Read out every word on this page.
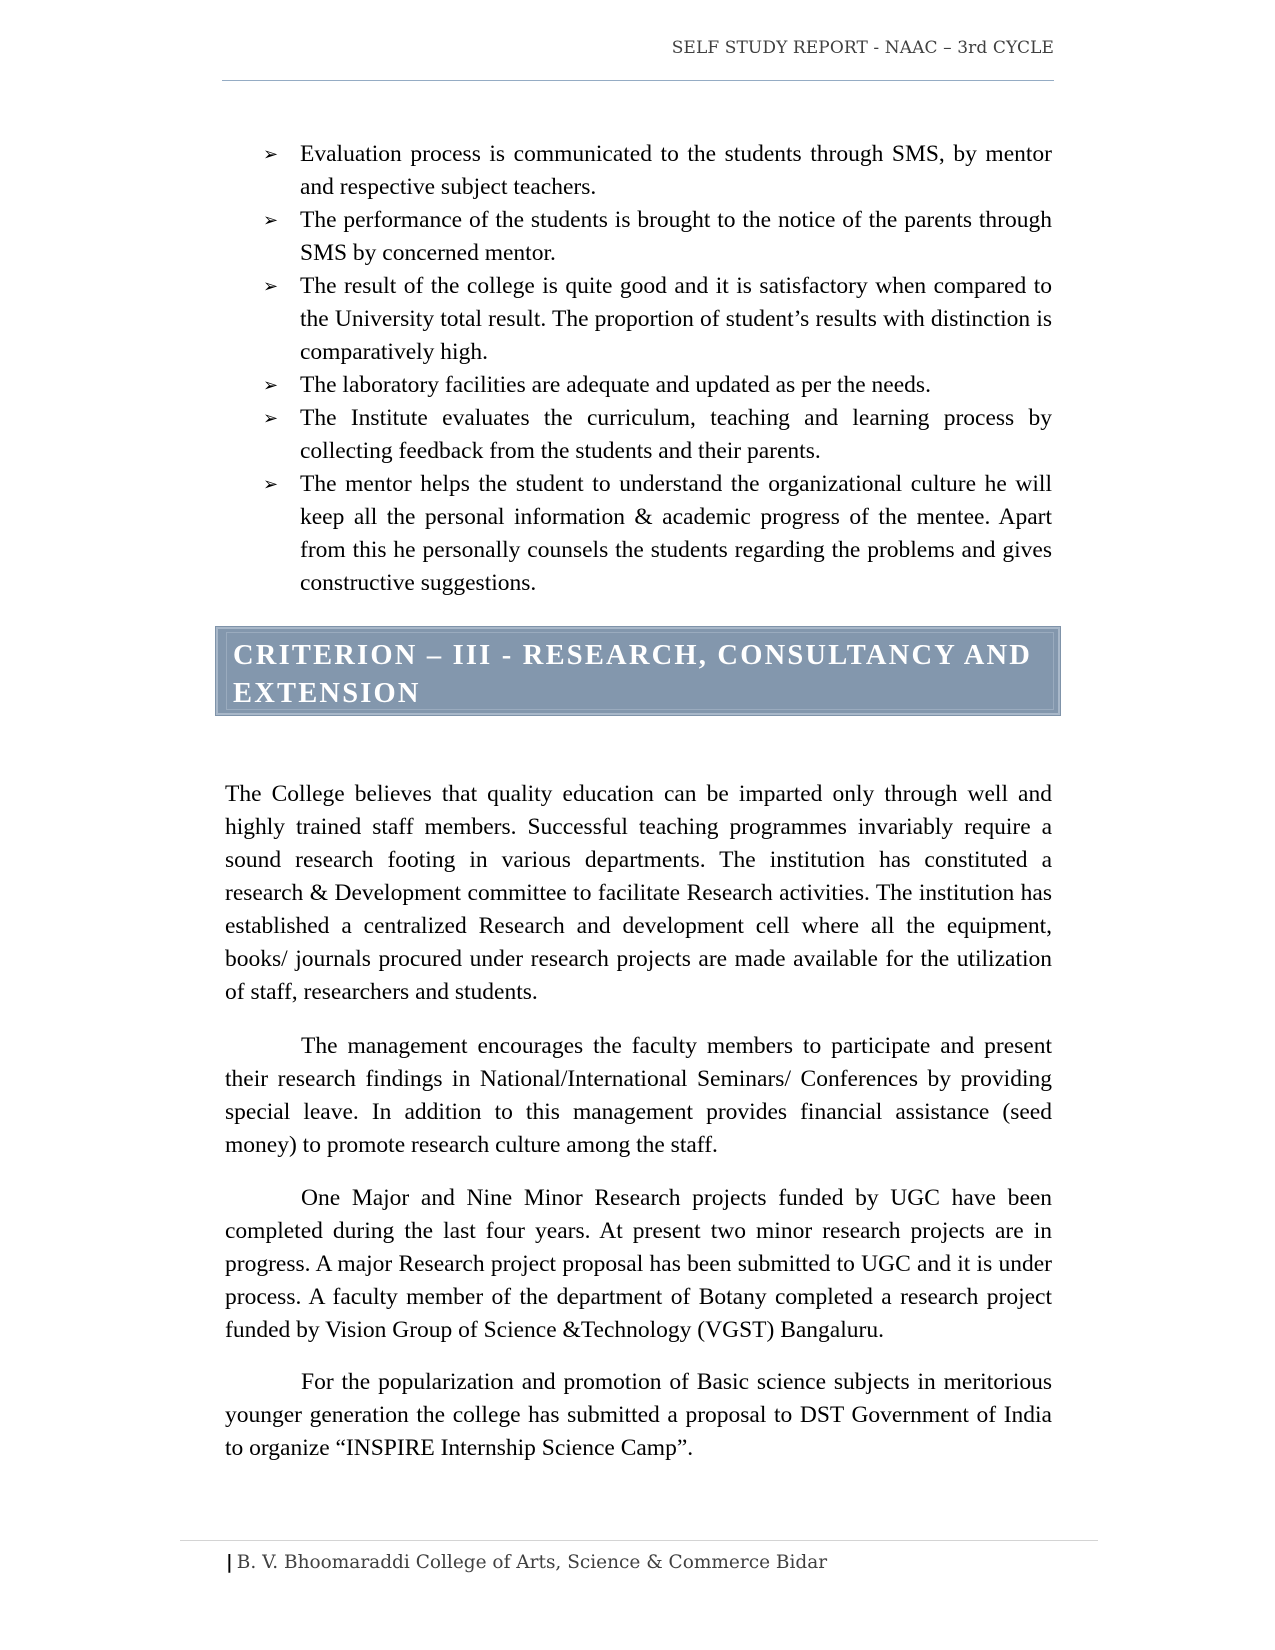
SELF STUDY REPORT - NAAC – 3rd CYCLE
➢ Evaluation process is communicated to the students through SMS, by mentor and respective subject teachers.
➢ The performance of the students is brought to the notice of the parents through SMS by concerned mentor.
➢ The result of the college is quite good and it is satisfactory when compared to the University total result. The proportion of student’s results with distinction is comparatively high.
➢ The laboratory facilities are adequate and updated as per the needs.
➢ The Institute evaluates the curriculum, teaching and learning process by collecting feedback from the students and their parents.
➢ The mentor helps the student to understand the organizational culture he will keep all the personal information & academic progress of the mentee. Apart from this he personally counsels the students regarding the problems and gives constructive suggestions.
CRITERION – III - RESEARCH, CONSULTANCY AND EXTENSION

The College believes that quality education can be imparted only through well and highly trained staff members. Successful teaching programmes invariably require a sound research footing in various departments. The institution has constituted a research & Development committee to facilitate Research activities. The institution has established a centralized Research and development cell where all the equipment, books/ journals procured under research projects are made available for the utilization of staff, researchers and students.

The management encourages the faculty members to participate and present their research findings in National/International Seminars/ Conferences by providing special leave. In addition to this management provides financial assistance (seed money) to promote research culture among the staff.

One Major and Nine Minor Research projects funded by UGC have been completed during the last four years. At present two minor research projects are in progress. A major Research project proposal has been submitted to UGC and it is under process. A faculty member of the department of Botany completed a research project funded by Vision Group of Science &Technology (VGST) Bangaluru.

For the popularization and promotion of Basic science subjects in meritorious younger generation the college has submitted a proposal to DST Government of India to organize “INSPIRE Internship Science Camp”.

| B. V. Bhoomaraddi College of Arts, Science & Commerce Bidar
